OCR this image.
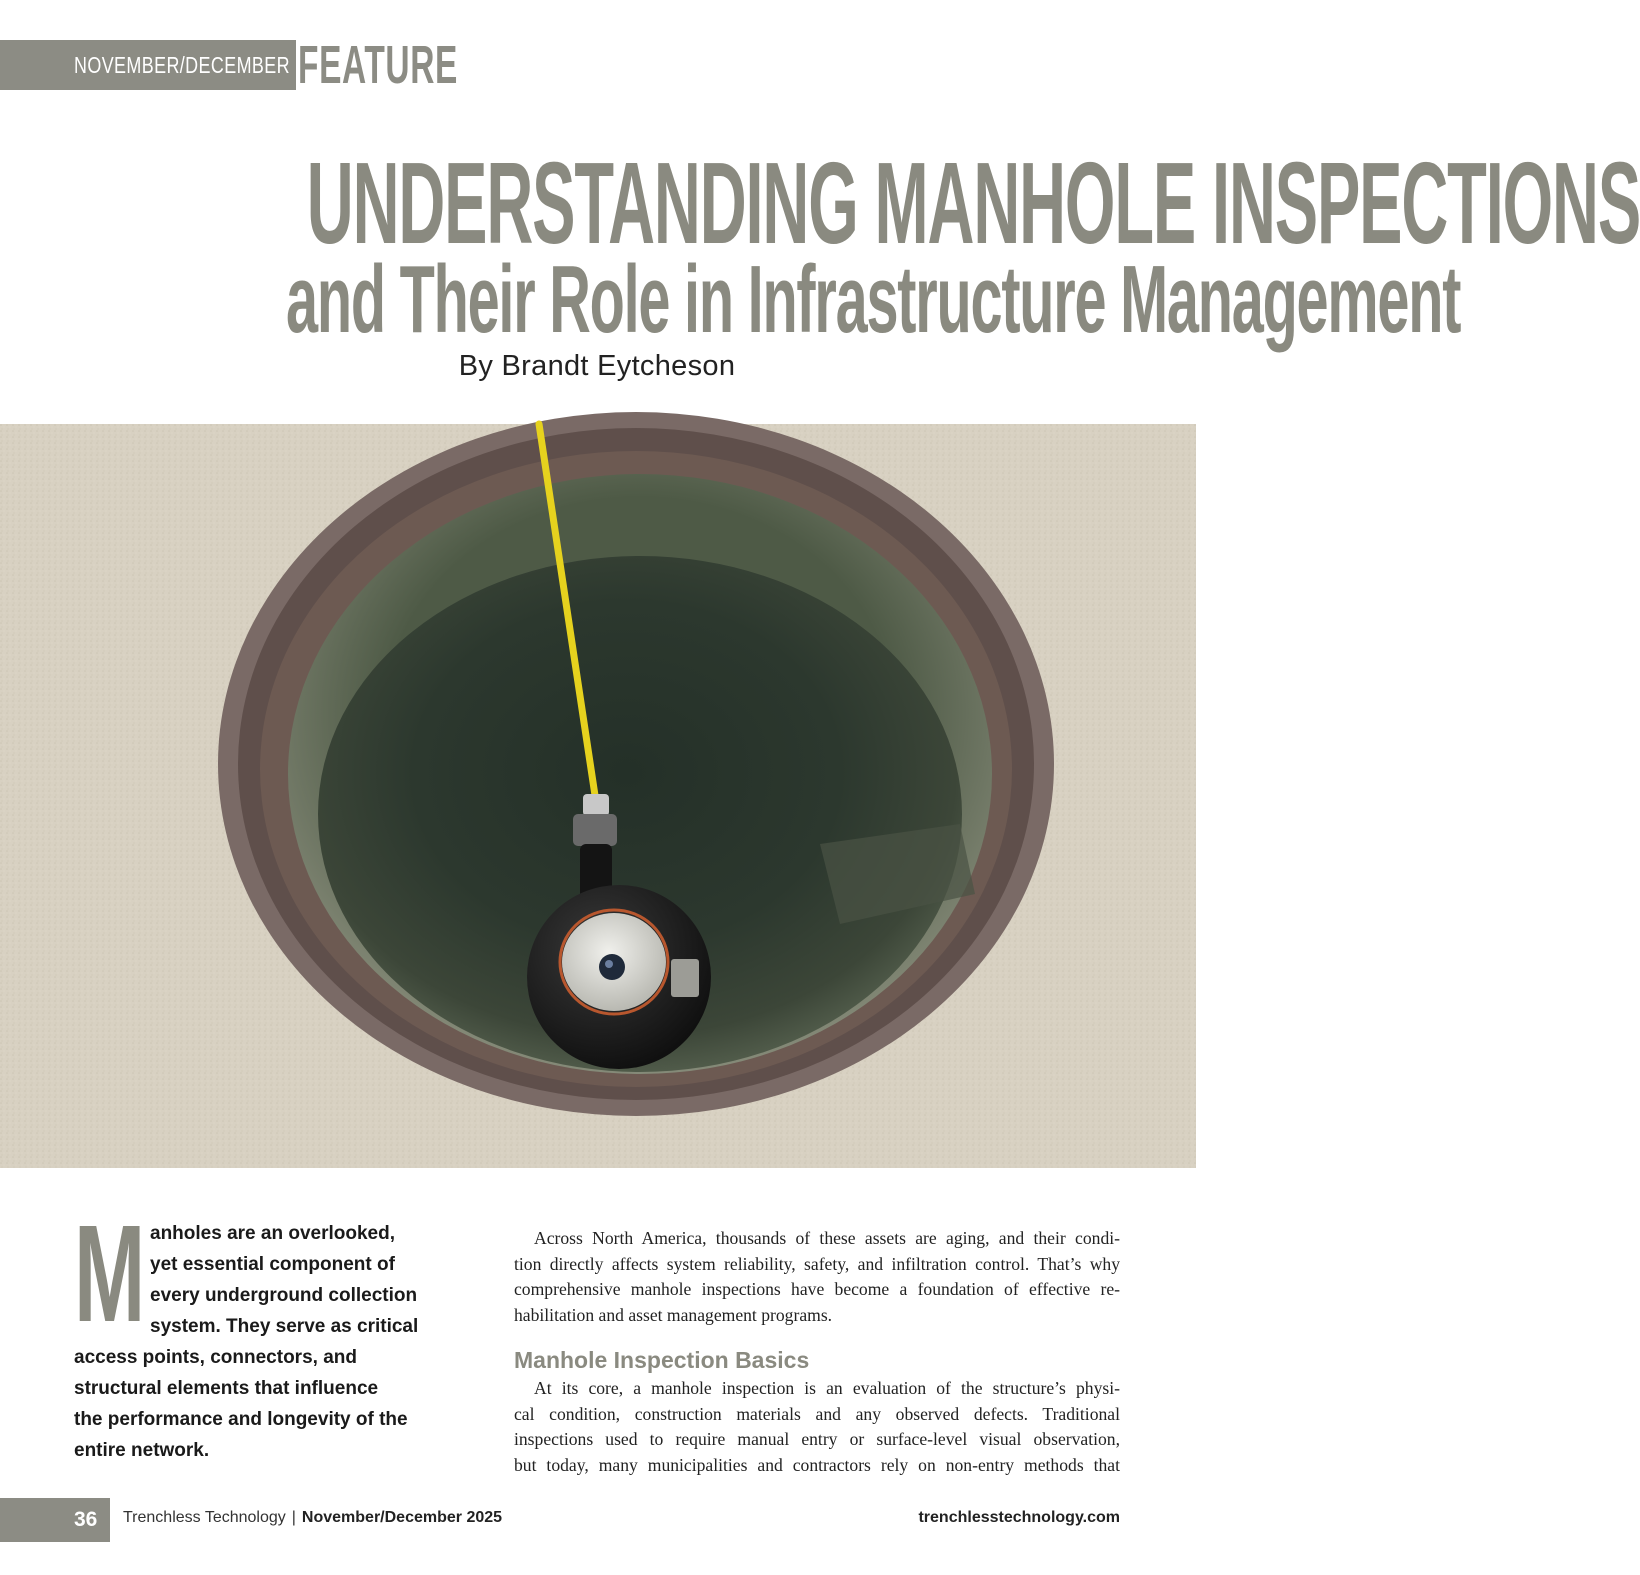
NOVEMBER/DECEMBER FEATURE
UNDERSTANDING MANHOLE INSPECTIONS
and Their Role in Infrastructure Management
By Brandt Eytcheson
M anholes are an overlooked,
yet essential component of
every underground collection
system. They serve as critical
access points, connectors, and
structural elements that influence
the performance and longevity of the
entire network.
Across North America, thousands of these assets are aging, and their condi-
tion directly affects system reliability, safety, and infiltration control. That’s why
comprehensive manhole inspections have become a foundation of effective re-
habilitation and asset management programs.
Manhole Inspection Basics
At its core, a manhole inspection is an evaluation of the structure’s physi-
cal condition, construction materials and any observed defects. Traditional
inspections used to require manual entry or surface-level visual observation,
but today, many municipalities and contractors rely on non-entry methods that
36 Trenchless Technology | November/December 2025	trenchlesstechnology.com
